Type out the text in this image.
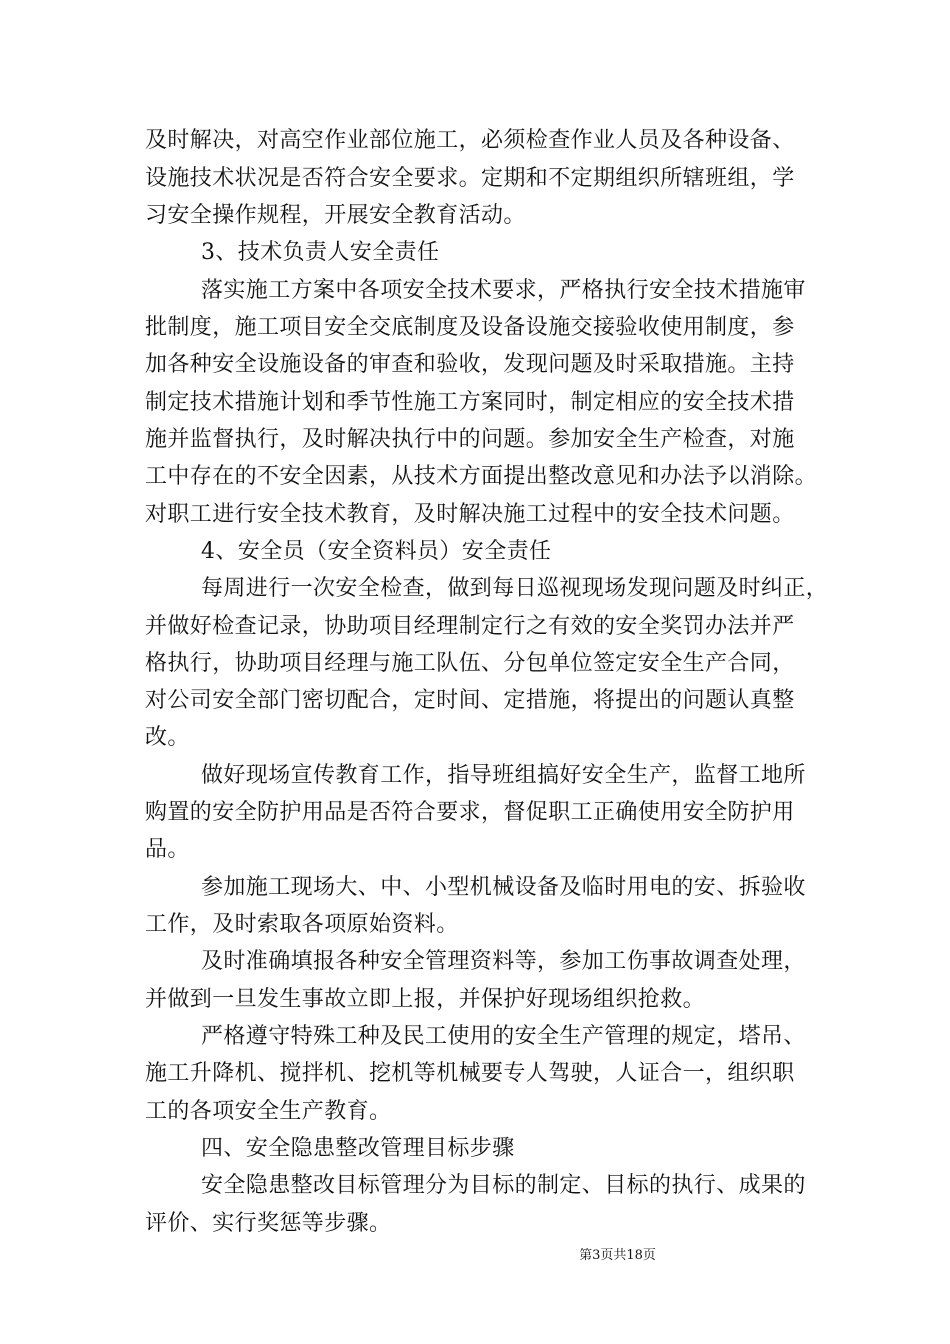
及时解决，对高空作业部位施工，必须检查作业人员及各种设备、
设施技术状况是否符合安全要求。定期和不定期组织所辖班组，学
习安全操作规程，开展安全教育活动。
3、技术负责人安全责任
落实施工方案中各项安全技术要求，严格执行安全技术措施审
批制度，施工项目安全交底制度及设备设施交接验收使用制度，参
加各种安全设施设备的审查和验收，发现问题及时采取措施。主持
制定技术措施计划和季节性施工方案同时，制定相应的安全技术措
施并监督执行，及时解决执行中的问题。参加安全生产检查，对施
工中存在的不安全因素，从技术方面提出整改意见和办法予以消除。
对职工进行安全技术教育，及时解决施工过程中的安全技术问题。
4、安全员（安全资料员）安全责任
每周进行一次安全检查，做到每日巡视现场发现问题及时纠正，
并做好检查记录，协助项目经理制定行之有效的安全奖罚办法并严
格执行，协助项目经理与施工队伍、分包单位签定安全生产合同，
对公司安全部门密切配合，定时间、定措施，将提出的问题认真整
改。
做好现场宣传教育工作，指导班组搞好安全生产，监督工地所
购置的安全防护用品是否符合要求，督促职工正确使用安全防护用
品。
参加施工现场大、中、小型机械设备及临时用电的安、拆验收
工作，及时索取各项原始资料。
及时准确填报各种安全管理资料等，参加工伤事故调查处理，
并做到一旦发生事故立即上报，并保护好现场组织抢救。
严格遵守特殊工种及民工使用的安全生产管理的规定，塔吊、
施工升降机、搅拌机、挖机等机械要专人驾驶，人证合一，组织职
工的各项安全生产教育。
四、安全隐患整改管理目标步骤
安全隐患整改目标管理分为目标的制定、目标的执行、成果的
评价、实行奖惩等步骤。
第3页共18页
